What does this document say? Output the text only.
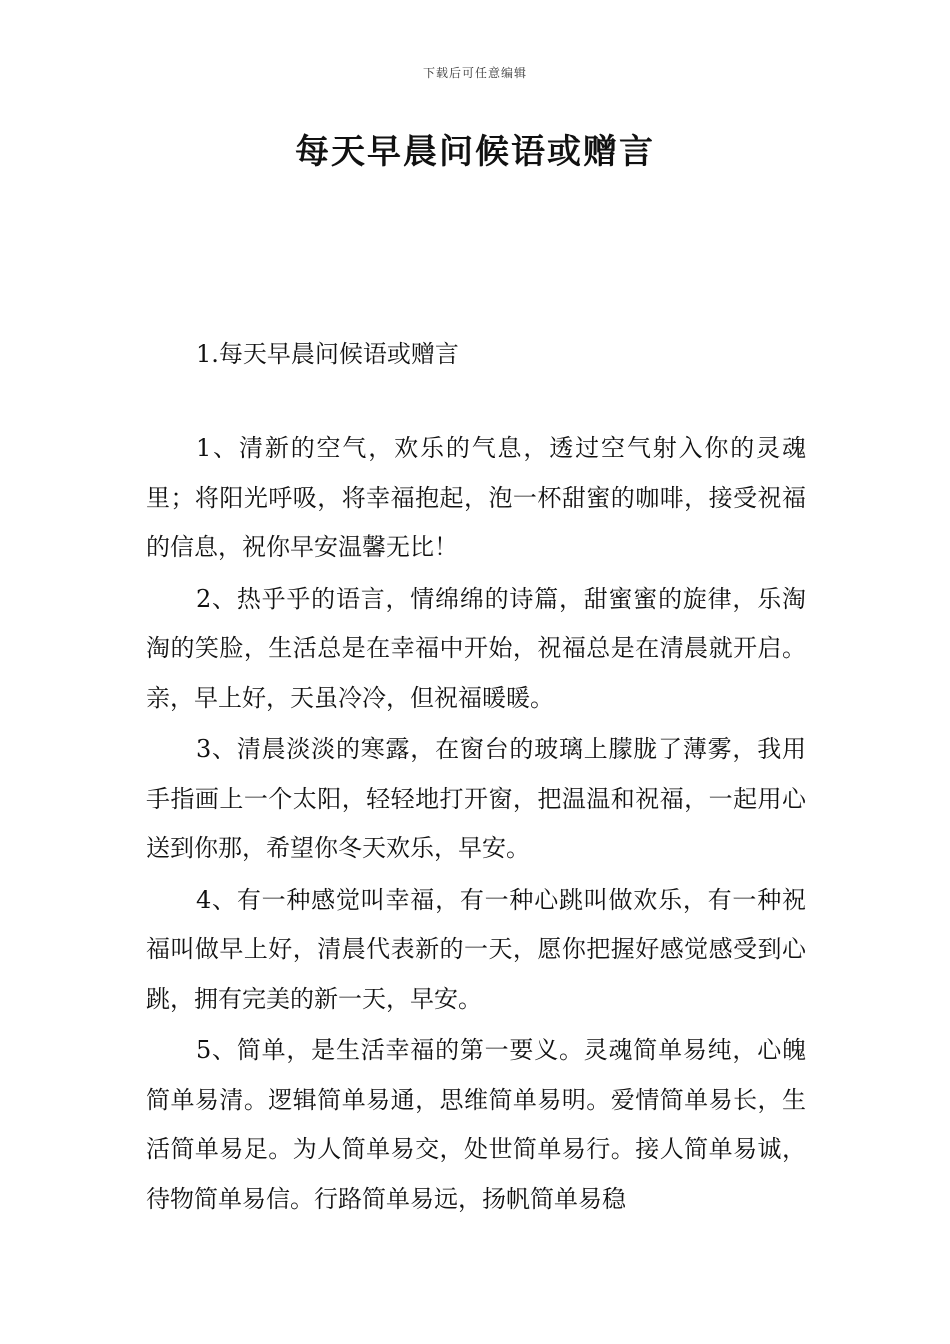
下载后可任意编辑
每天早晨问候语或赠言
1.每天早晨问候语或赠言

1、清新的空气，欢乐的气息，透过空气射入你的灵魂里；将阳光呼吸，将幸福抱起，泡一杯甜蜜的咖啡，接受祝福的信息，祝你早安温馨无比！

2、热乎乎的语言，情绵绵的诗篇，甜蜜蜜的旋律，乐淘淘的笑脸，生活总是在幸福中开始，祝福总是在清晨就开启。亲，早上好，天虽冷冷，但祝福暖暖。

3、清晨淡淡的寒露，在窗台的玻璃上朦胧了薄雾，我用手指画上一个太阳，轻轻地打开窗，把温温和祝福，一起用心送到你那，希望你冬天欢乐，早安。

4、有一种感觉叫幸福，有一种心跳叫做欢乐，有一种祝福叫做早上好，清晨代表新的一天，愿你把握好感觉感受到心跳，拥有完美的新一天，早安。

5、简单，是生活幸福的第一要义。灵魂简单易纯，心魄简单易清。逻辑简单易通，思维简单易明。爱情简单易长，生活简单易足。为人简单易交，处世简单易行。接人简单易诚，待物简单易信。行路简单易远，扬帆简单易稳
